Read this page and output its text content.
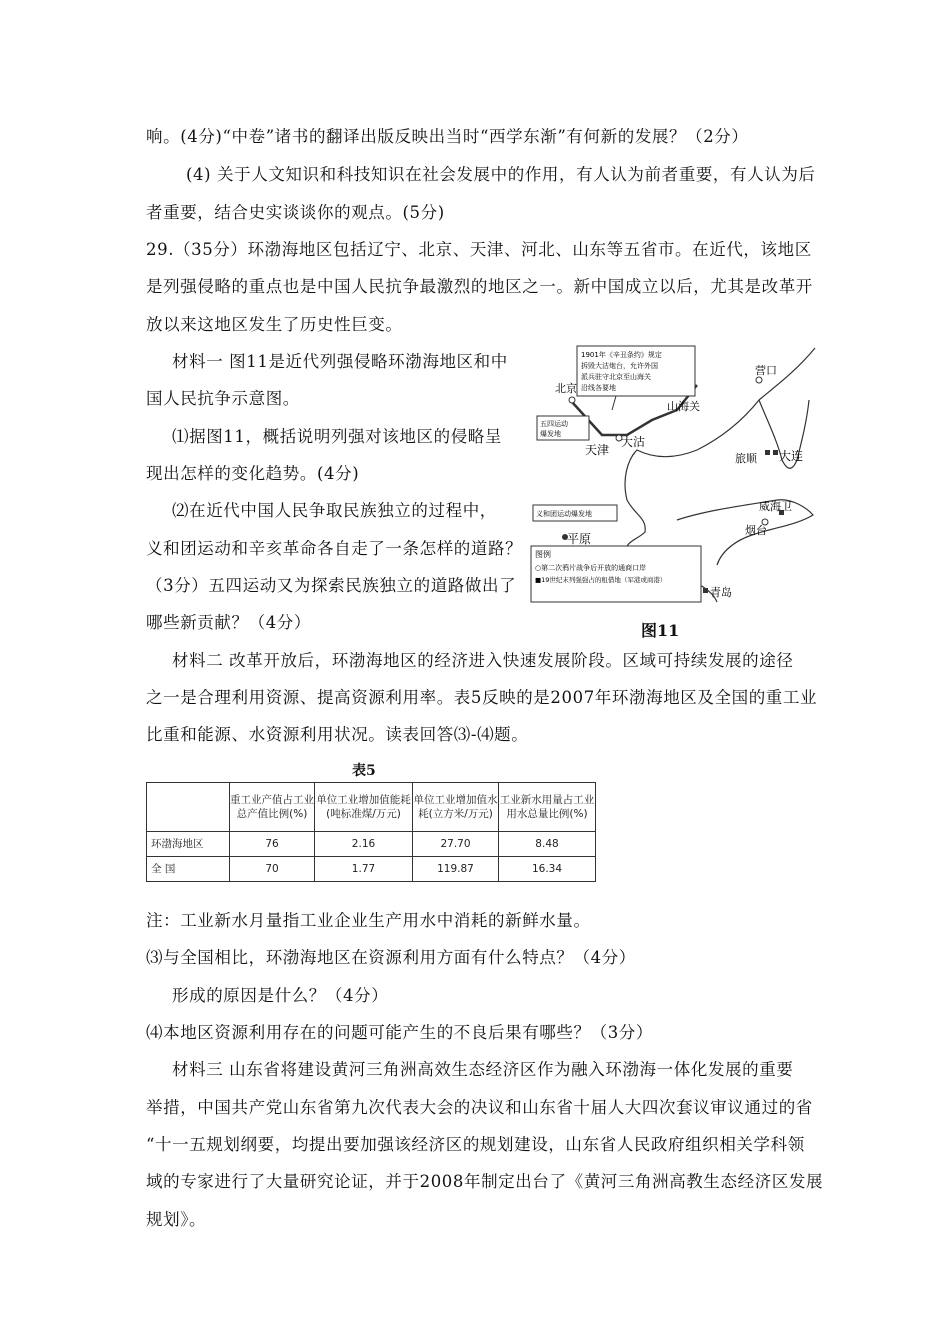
响。(4分)“中卷”诸书的翻译出版反映出当时“西学东渐”有何新的发展？（2分）
(4) 关于人文知识和科技知识在社会发展中的作用，有人认为前者重要，有人认为后
者重要，结合史实谈谈你的观点。(5分)
29.（35分）环渤海地区包括辽宁、北京、天津、河北、山东等五省市。在近代，该地区
是列强侵略的重点也是中国人民抗争最激烈的地区之一。新中国成立以后，尤其是改革开
放以来这地区发生了历史性巨变。
材料一 图11是近代列强侵略环渤海地区和中
国人民抗争示意图。
⑴据图11，概括说明列强对该地区的侵略呈
现出怎样的变化趋势。(4分)
⑵在近代中国人民争取民族独立的过程中，
义和团运动和辛亥革命各自走了一条怎样的道路？
（3分）五四运动又为探索民族独立的道路做出了
哪些新贡献？（4分）
材料二 改革开放后，环渤海地区的经济进入快速发展阶段。区域可持续发展的途径
之一是合理利用资源、提高资源利用率。表5反映的是2007年环渤海地区及全国的重工业
比重和能源、水资源利用状况。读表回答⑶-⑷题。
1901年《辛丑条约》规定
拆毁大沽炮台，允许外国
派兵驻守北京至山海关
沿线各要地
五四运动
爆发地
义和团运动爆发地
图例
○第二次鸦片战争后开放的通商口岸
■19世纪末列强强占的租借地（军港或商港）
北京
天津
大沽
山海关
营口
旅顺 大连
威海卫
烟台
平原
青岛
图11
表5
	重工业产值占工业总产值比例(%)	单位工业增加值能耗(吨标准煤/万元)	单位工业增加值水耗(立方米/万元)	工业新水用量占工业用水总量比例(%)
环渤海地区	76	2.16	27.70	8.48
全 国	70	1.77	119.87	16.34
注：工业新水月量指工业企业生产用水中消耗的新鲜水量。
⑶与全国相比，环渤海地区在资源利用方面有什么特点？（4分）
形成的原因是什么？（4分）
⑷本地区资源利用存在的问题可能产生的不良后果有哪些？（3分）
材料三 山东省将建设黄河三角洲高效生态经济区作为融入环渤海一体化发展的重要
举措，中国共产党山东省第九次代表大会的决议和山东省十届人大四次套议审议通过的省
“十一五规划纲要，均提出要加强该经济区的规划建设，山东省人民政府组织相关学科领
域的专家进行了大量研究论证，并于2008年制定出台了《黄河三角洲高教生态经济区发展
规划》。
